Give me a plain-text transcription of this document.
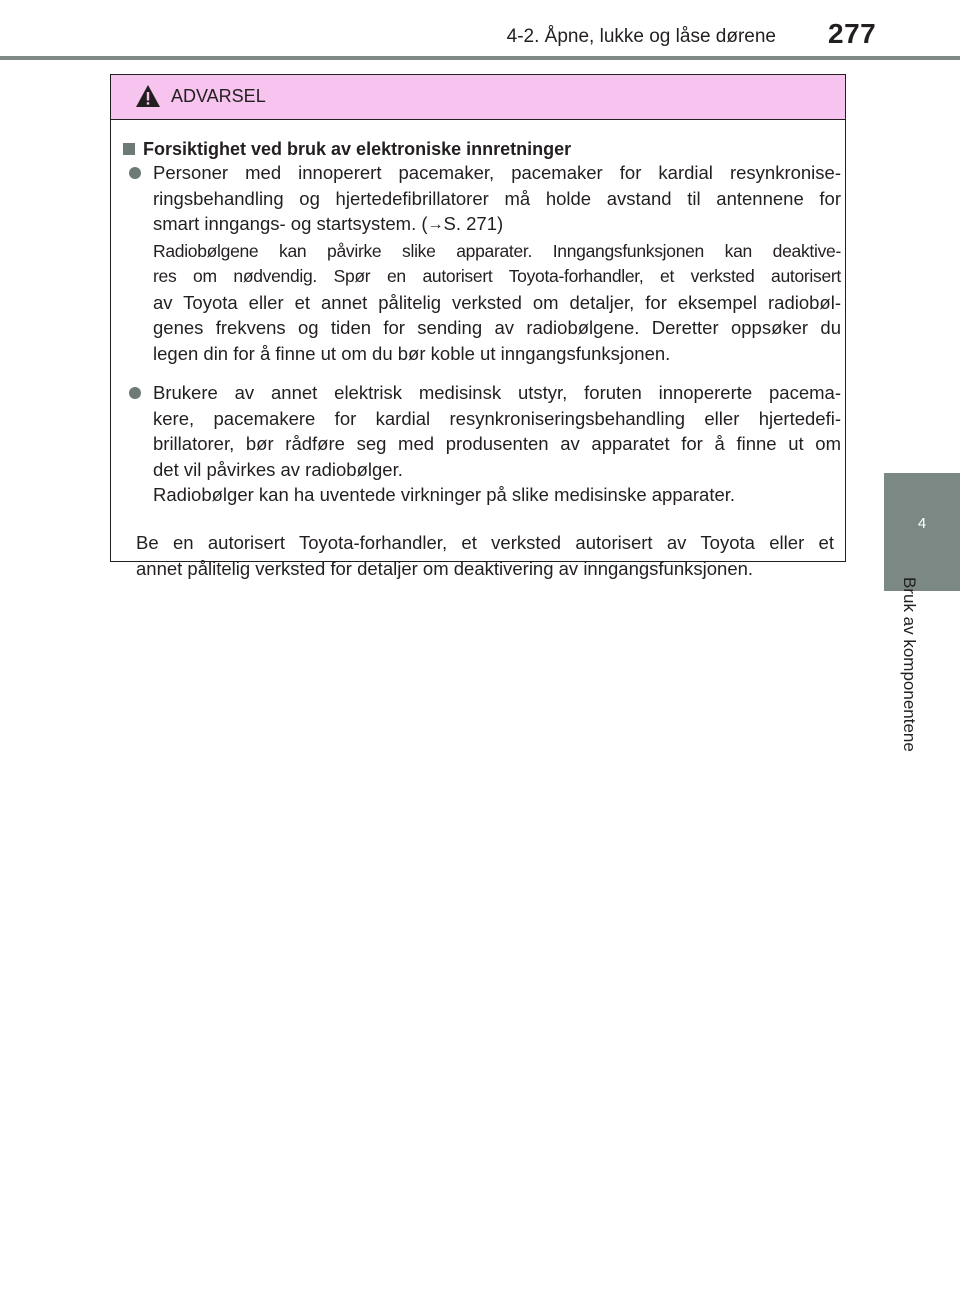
4-2. Åpne, lukke og låse dørene 277
4
Bruk av komponentene
ADVARSEL
Forsiktighet ved bruk av elektroniske innretninger
Personer med innoperert pacemaker, pacemaker for kardial resynkronise-
ringsbehandling og hjertedefibrillatorer må holde avstand til antennene for
smart inngangs- og startsystem. (→S. 271)
Radiobølgene kan påvirke slike apparater. Inngangsfunksjonen kan deaktive-
res om nødvendig. Spør en autorisert Toyota-forhandler, et verksted autorisert
av Toyota eller et annet pålitelig verksted om detaljer, for eksempel radiobøl-
genes frekvens og tiden for sending av radiobølgene. Deretter oppsøker du
legen din for å finne ut om du bør koble ut inngangsfunksjonen.
Brukere av annet elektrisk medisinsk utstyr, foruten innopererte pacema-
kere, pacemakere for kardial resynkroniseringsbehandling eller hjertedefi-
brillatorer, bør rådføre seg med produsenten av apparatet for å finne ut om
det vil påvirkes av radiobølger.
Radiobølger kan ha uventede virkninger på slike medisinske apparater.
Be en autorisert Toyota-forhandler, et verksted autorisert av Toyota eller et
annet pålitelig verksted for detaljer om deaktivering av inngangsfunksjonen.
